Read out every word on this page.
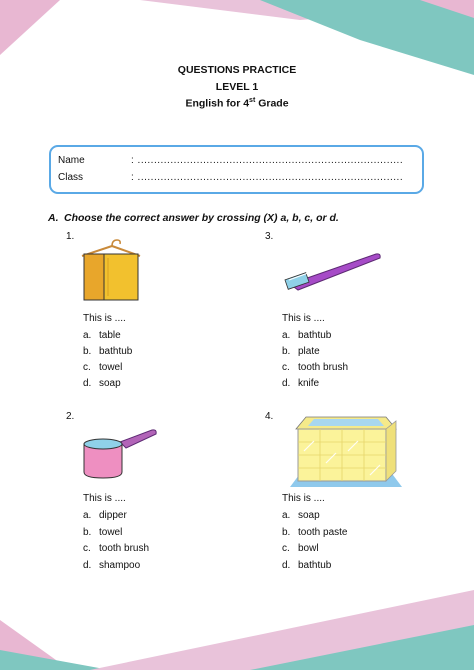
QUESTIONS PRACTICE
LEVEL 1
English for 4st Grade
Name	: .................................................................................
Class	: .................................................................................
A. Choose the correct answer by crossing (X) a, b, c, or d.
1.
This is ....
a. table
b. bathtub
c. towel
d. soap
3.
This is ....
a. bathtub
b. plate
c. tooth brush
d. knife
2.
This is ....
a. dipper
b. towel
c. tooth brush
d. shampoo
4.
This is ....
a. soap
b. tooth paste
c. bowl
d. bathtub
